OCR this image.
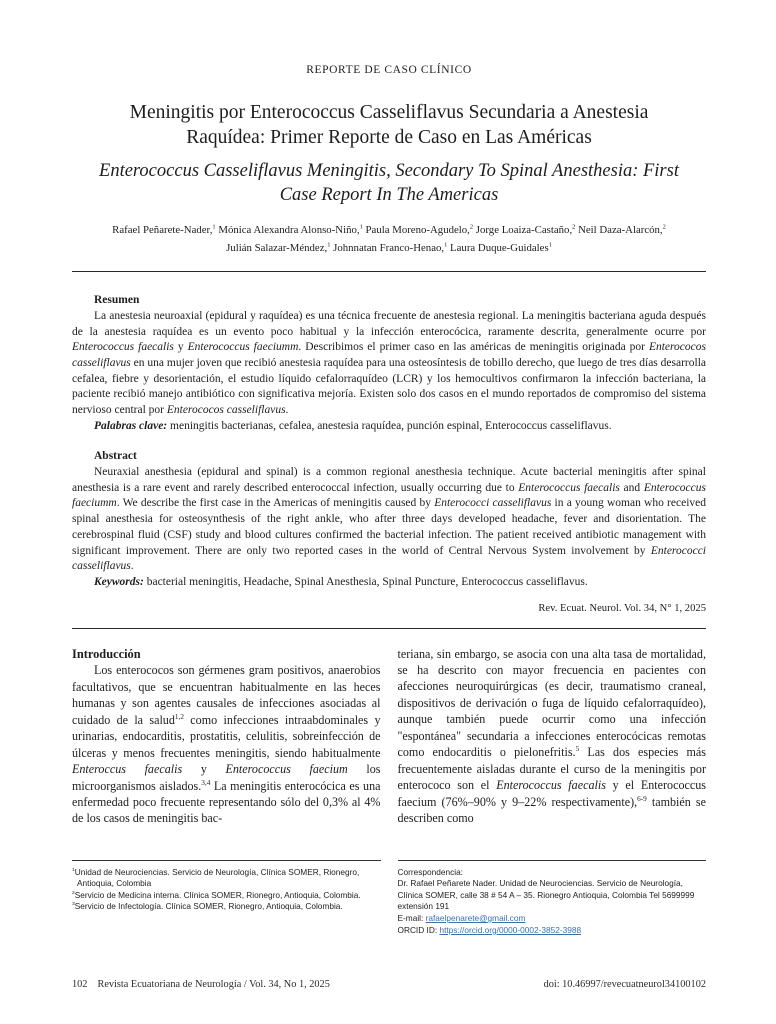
REPORTE DE CASO CLÍNICO
Meningitis por Enterococcus Casseliflavus Secundaria a Anestesia Raquídea: Primer Reporte de Caso en Las Américas
Enterococcus Casseliflavus Meningitis, Secondary To Spinal Anesthesia: First Case Report In The Americas
Rafael Peñarete-Nader,$^1$ Mónica Alexandra Alonso-Niño,$^1$ Paula Moreno-Agudelo,$^2$ Jorge Loaiza-Castaño,$^2$ Neil Daza-Alarcón,$^2$
Julián Salazar-Méndez,$^1$ Johnnatan Franco-Henao,$^1$ Laura Duque-Guidales$^1$

Resumen

La anestesia neuroaxial (epidural y raquídea) es una técnica frecuente de anestesia regional. La meningitis bacteriana aguda después de la anestesia raquídea es un evento poco habitual y la infección enterocócica, raramente descrita, generalmente ocurre por Enterococcus faecalis y Enterococcus faeciumm. Describimos el primer caso en las américas de meningitis originada por Enterococos casseliflavus en una mujer joven que recibió anestesia raquídea para una osteosíntesis de tobillo derecho, que luego de tres días desarrolla cefalea, fiebre y desorientación, el estudio líquido cefalorraquídeo (LCR) y los hemocultivos confirmaron la infección bacteriana, la paciente recibió manejo antibiótico con significativa mejoría. Existen solo dos casos en el mundo reportados de compromiso del sistema nervioso central por Enterococos casseliflavus.

Palabras clave: meningitis bacterianas, cefalea, anestesia raquídea, punción espinal, Enterococcus casseliflavus.

Abstract

Neuraxial anesthesia (epidural and spinal) is a common regional anesthesia technique. Acute bacterial meningitis after spinal anesthesia is a rare event and rarely described enterococcal infection, usually occurring due to Enterococcus faecalis and Enterococcus faeciumm. We describe the first case in the Americas of meningitis caused by Enterococci casseliflavus in a young woman who received spinal anesthesia for osteosynthesis of the right ankle, who after three days developed headache, fever and disorientation. The cerebrospinal fluid (CSF) study and blood cultures confirmed the bacterial infection. The patient received antibiotic management with significant improvement. There are only two reported cases in the world of Central Nervous System involvement by Enterococci casseliflavus.

Keywords: bacterial meningitis, Headache, Spinal Anesthesia, Spinal Puncture, Enterococcus casseliflavus.

Rev. Ecuat. Neurol. Vol. 34, N° 1, 2025

Introducción

Los enterococos son gérmenes gram positivos, anaerobios facultativos, que se encuentran habitualmente en las heces humanas y son agentes causales de infecciones asociadas al cuidado de la salud$^{1,2}$ como infecciones intraabdominales y urinarias, endocarditis, prostatitis, celulitis, sobreinfección de úlceras y menos frecuentes meningitis, siendo habitualmente Enteroccus faecalis y Enterococcus faecium los microorganismos aislados.$^{3,4}$ La meningitis enterocócica es una enfermedad poco frecuente representando sólo del 0,3% al 4% de los casos de meningitis bac-

teriana, sin embargo, se asocia con una alta tasa de mortalidad, se ha descrito con mayor frecuencia en pacientes con afecciones neuroquirúrgicas (es decir, traumatismo craneal, dispositivos de derivación o fuga de líquido cefalorraquídeo), aunque también puede ocurrir como una infección "espontánea" secundaria a infecciones enterocócicas remotas como endocarditis o pielonefritis.$^5$ Las dos especies más frecuentemente aisladas durante el curso de la meningitis por enterococo son el Enterococcus faecalis y el Enterococcus faecium (76%–90% y 9–22% respectivamente),$^{6-9}$ también se describen como

$^1$Unidad de Neurociencias. Servicio de Neurología, Clínica SOMER, Rionegro, Antioquia, Colombia

$^2$Servicio de Medicina interna. Clínica SOMER, Rionegro, Antioquia, Colombia.

$^3$Servicio de Infectología. Clínica SOMER, Rionegro, Antioquia, Colombia.

Correspondencia:

Dr. Rafael Peñarete Nader. Unidad de Neurociencias. Servicio de Neurología, Clínica SOMER, calle 38 # 54 A – 35. Rionegro Antioquia, Colombia Tel 5699999 extensión 191

E-mail: rafaelpenarete@gmail.com

ORCID ID: https://orcid.org/0000-0002-3852-3988

102 Revista Ecuatoriana de Neurología / Vol. 34, No 1, 2025	doi: 10.46997/revecuatneurol34100102
